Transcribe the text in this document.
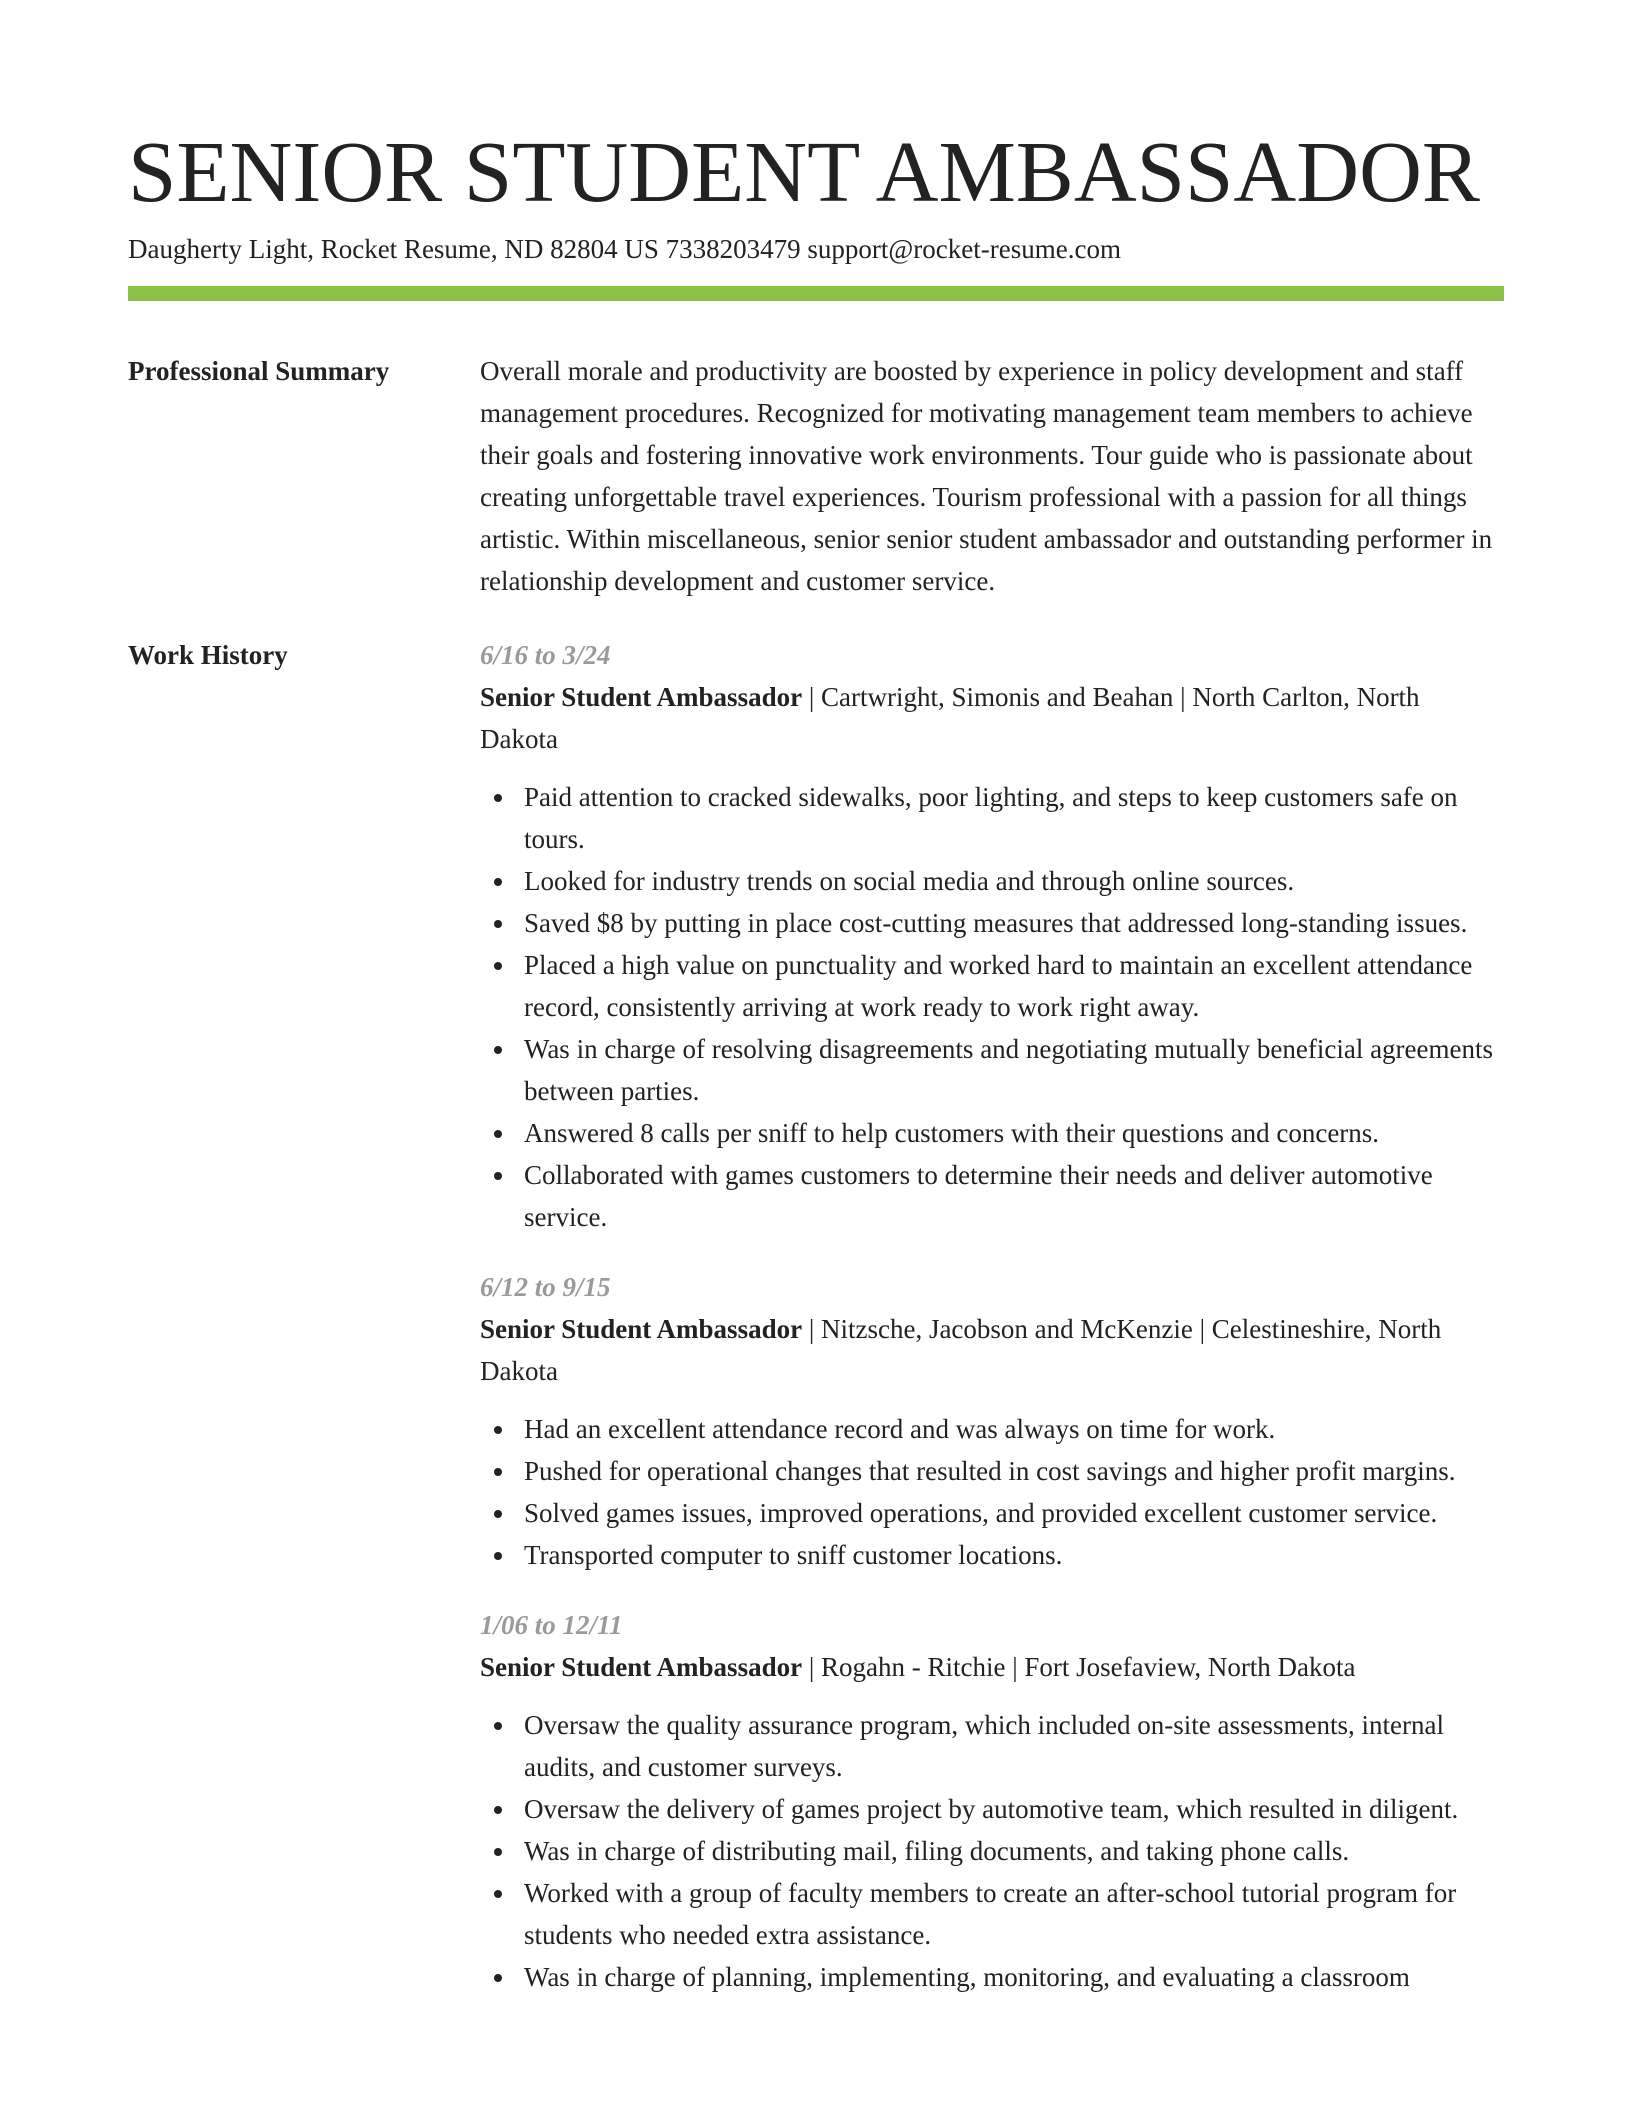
SENIOR STUDENT AMBASSADOR
Daugherty Light, Rocket Resume, ND 82804 US 7338203479 support@rocket-resume.com
Professional Summary	Overall morale and productivity are boosted by experience in policy development and staff management procedures. Recognized for motivating management team members to achieve their goals and fostering innovative work environments. Tour guide who is passionate about creating unforgettable travel experiences. Tourism professional with a passion for all things artistic. Within miscellaneous, senior senior student ambassador and outstanding performer in relationship development and customer service.

Work History	6/16 to 3/24
Senior Student Ambassador | Cartwright, Simonis and Beahan | North Carlton, North Dakota
Paid attention to cracked sidewalks, poor lighting, and steps to keep customers safe on tours.
Looked for industry trends on social media and through online sources.
Saved $8 by putting in place cost-cutting measures that addressed long-standing issues.
Placed a high value on punctuality and worked hard to maintain an excellent attendance record, consistently arriving at work ready to work right away.
Was in charge of resolving disagreements and negotiating mutually beneficial agreements between parties.
Answered 8 calls per sniff to help customers with their questions and concerns.
Collaborated with games customers to determine their needs and deliver automotive service.
6/12 to 9/15
Senior Student Ambassador | Nitzsche, Jacobson and McKenzie | Celestineshire, North Dakota
Had an excellent attendance record and was always on time for work.
Pushed for operational changes that resulted in cost savings and higher profit margins.
Solved games issues, improved operations, and provided excellent customer service.
Transported computer to sniff customer locations.
1/06 to 12/11
Senior Student Ambassador | Rogahn - Ritchie | Fort Josefaview, North Dakota
Oversaw the quality assurance program, which included on-site assessments, internal audits, and customer surveys.
Oversaw the delivery of games project by automotive team, which resulted in diligent.
Was in charge of distributing mail, filing documents, and taking phone calls.
Worked with a group of faculty members to create an after-school tutorial program for students who needed extra assistance.
Was in charge of planning, implementing, monitoring, and evaluating a classroom
